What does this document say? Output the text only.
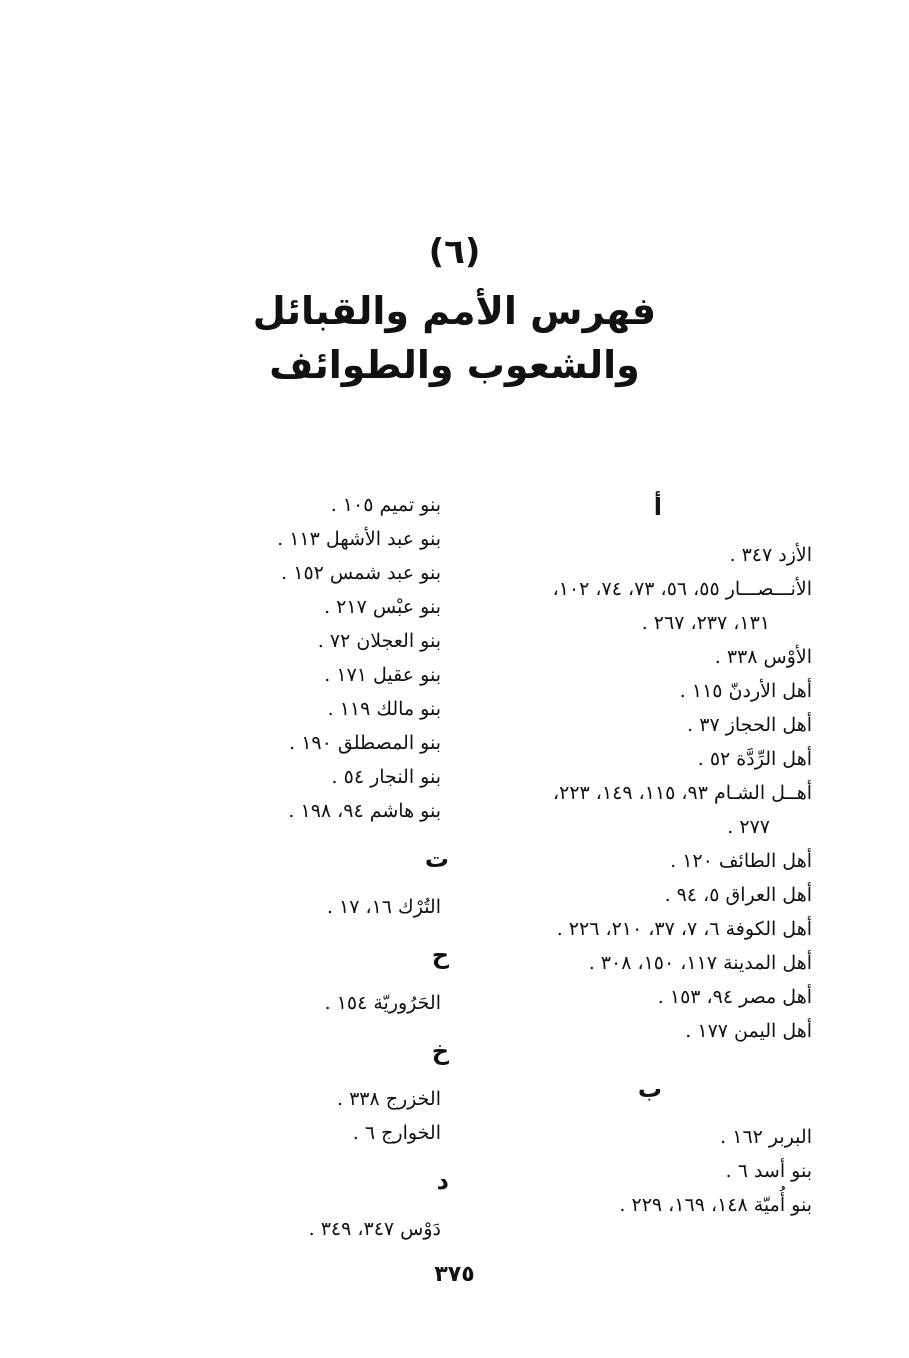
(٦)
فهرس الأمم والقبائل
والشعوب والطوائف
أ
الأزد ٣٤٧ .
الأنـــصـــار ٥٥، ٥٦، ٧٣، ٧٤، ١٠٢،
١٣١، ٢٣٧، ٢٦٧ .
الأوْس ٣٣٨ .
أهل الأردنّ ١١٥ .
أهل الحجاز ٣٧ .
أهل الرِّدَّة ٥٢ .
أهــل الشـام ٩٣، ١١٥، ١٤٩، ٢٢٣،
٢٧٧ .
أهل الطائف ١٢٠ .
أهل العراق ٥، ٩٤ .
أهل الكوفة ٦، ٧، ٣٧، ٢١٠، ٢٢٦ .
أهل المدينة ١١٧، ١٥٠، ٣٠٨ .
أهل مصر ٩٤، ١٥٣ .
أهل اليمن ١٧٧ .
ب
البربر ١٦٢ .
بنو أسد ٦ .
بنو أُميّة ١٤٨، ١٦٩، ٢٢٩ .
بنو تميم ١٠٥ .
بنو عبد الأشهل ١١٣ .
بنو عبد شمس ١٥٢ .
بنو عبْس ٢١٧ .
بنو العجلان ٧٢ .
بنو عقيل ١٧١ .
بنو مالك ١١٩ .
بنو المصطلق ١٩٠ .
بنو النجار ٥٤ .
بنو هاشم ٩٤، ١٩٨ .
ت
التُرْك ١٦، ١٧ .
ح
الحَرُوريّة ١٥٤ .
خ
الخزرج ٣٣٨ .
الخوارج ٦ .
د
دَوْس ٣٤٧، ٣٤٩ .
٣٧٥
